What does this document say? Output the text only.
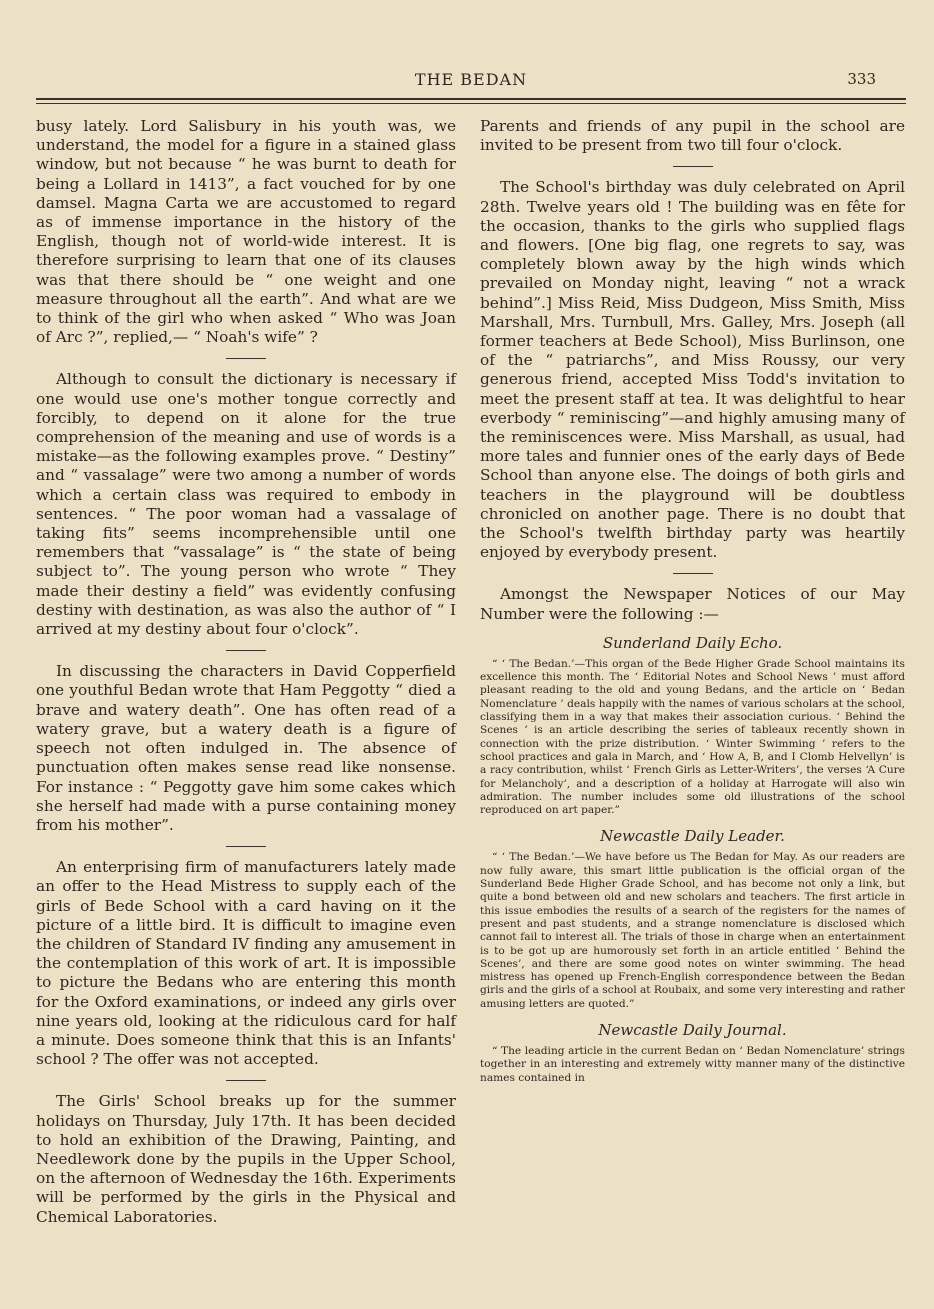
THE BEDAN	333

busy lately. Lord Salisbury in his youth was, we understand, the model for a figure in a stained glass window, but not because “ he was burnt to death for being a Lollard in 1413”, a fact vouched for by one damsel. Magna Carta we are accustomed to regard as of immense importance in the history of the English, though not of world-wide interest. It is therefore surprising to learn that one of its clauses was that there should be “ one weight and one measure throughout all the earth”. And what are we to think of the girl who when asked “ Who was Joan of Arc ?”, replied,— “ Noah's wife” ?

Although to consult the dictionary is necessary if one would use one's mother tongue correctly and forcibly, to depend on it alone for the true comprehension of the meaning and use of words is a mistake—as the following examples prove. “ Destiny” and “ vassalage” were two among a number of words which a certain class was required to embody in sentences. “ The poor woman had a vassalage of taking fits” seems incomprehensible until one remembers that “vassalage” is “ the state of being subject to”. The young person who wrote “ They made their destiny a field” was evidently confusing destiny with destination, as was also the author of “ I arrived at my destiny about four o'clock”.

In discussing the characters in David Copperfield one youthful Bedan wrote that Ham Peggotty “ died a brave and watery death”. One has often read of a watery grave, but a watery death is a figure of speech not often indulged in. The absence of punctuation often makes sense read like nonsense. For instance : “ Peggotty gave him some cakes which she herself had made with a purse containing money from his mother”.

An enterprising firm of manufacturers lately made an offer to the Head Mistress to supply each of the girls of Bede School with a card having on it the picture of a little bird. It is difficult to imagine even the children of Standard IV finding any amusement in the contemplation of this work of art. It is impossible to picture the Bedans who are entering this month for the Oxford examinations, or indeed any girls over nine years old, looking at the ridiculous card for half a minute. Does someone think that this is an Infants' school ? The offer was not accepted.

The Girls' School breaks up for the summer holidays on Thursday, July 17th. It has been decided to hold an exhibition of the Drawing, Painting, and Needlework done by the pupils in the Upper School, on the afternoon of Wednesday the 16th. Experiments will be performed by the girls in the Physical and Chemical Laboratories.

Parents and friends of any pupil in the school are invited to be present from two till four o'clock.

The School's birthday was duly celebrated on April 28th. Twelve years old ! The building was en fête for the occasion, thanks to the girls who supplied flags and flowers. [One big flag, one regrets to say, was completely blown away by the high winds which prevailed on Monday night, leaving “ not a wrack behind”.] Miss Reid, Miss Dudgeon, Miss Smith, Miss Marshall, Mrs. Turnbull, Mrs. Galley, Mrs. Joseph (all former teachers at Bede School), Miss Burlinson, one of the “ patriarchs”, and Miss Roussy, our very generous friend, accepted Miss Todd's invitation to meet the present staff at tea. It was delightful to hear everbody “ reminiscing”—and highly amusing many of the reminiscences were. Miss Marshall, as usual, had more tales and funnier ones of the early days of Bede School than anyone else. The doings of both girls and teachers in the playground will be doubtless chronicled on another page. There is no doubt that the School's twelfth birthday party was heartily enjoyed by everybody present.

Amongst the Newspaper Notices of our May Number were the following :—

Sunderland Daily Echo.

“ ‘ The Bedan.’—This organ of the Bede Higher Grade School maintains its excellence this month. The ‘ Editorial Notes and School News ’ must afford pleasant reading to the old and young Bedans, and the article on ‘ Bedan Nomenclature ’ deals happily with the names of various scholars at the school, classifying them in a way that makes their association curious. ‘ Behind the Scenes ’ is an article describing the series of tableaux recently shown in connection with the prize distribution. ‘ Winter Swimming ’ refers to the school practices and gala in March, and ‘ How A, B, and I Clomb Helvellyn’ is a racy contribution, whilst ‘ French Girls as Letter-Writers’, the verses ‘A Cure for Melancholy’, and a description of a holiday at Harrogate will also win admiration. The number includes some old illustrations of the school reproduced on art paper.”

Newcastle Daily Leader.

“ ‘ The Bedan.’—We have before us The Bedan for May. As our readers are now fully aware, this smart little publication is the official organ of the Sunderland Bede Higher Grade School, and has become not only a link, but quite a bond between old and new scholars and teachers. The first article in this issue embodies the results of a search of the registers for the names of present and past students, and a strange nomenclature is disclosed which cannot fail to interest all. The trials of those in charge when an entertainment is to be got up are humorously set forth in an article entitled ‘ Behind the Scenes’, and there are some good notes on winter swimming. The head mistress has opened up French-English correspondence between the Bedan girls and the girls of a school at Roubaix, and some very interesting and rather amusing letters are quoted.”

Newcastle Daily Journal.

“ The leading article in the current Bedan on ‘ Bedan Nomenclature’ strings together in an interesting and extremely witty manner many of the distinctive names contained in
